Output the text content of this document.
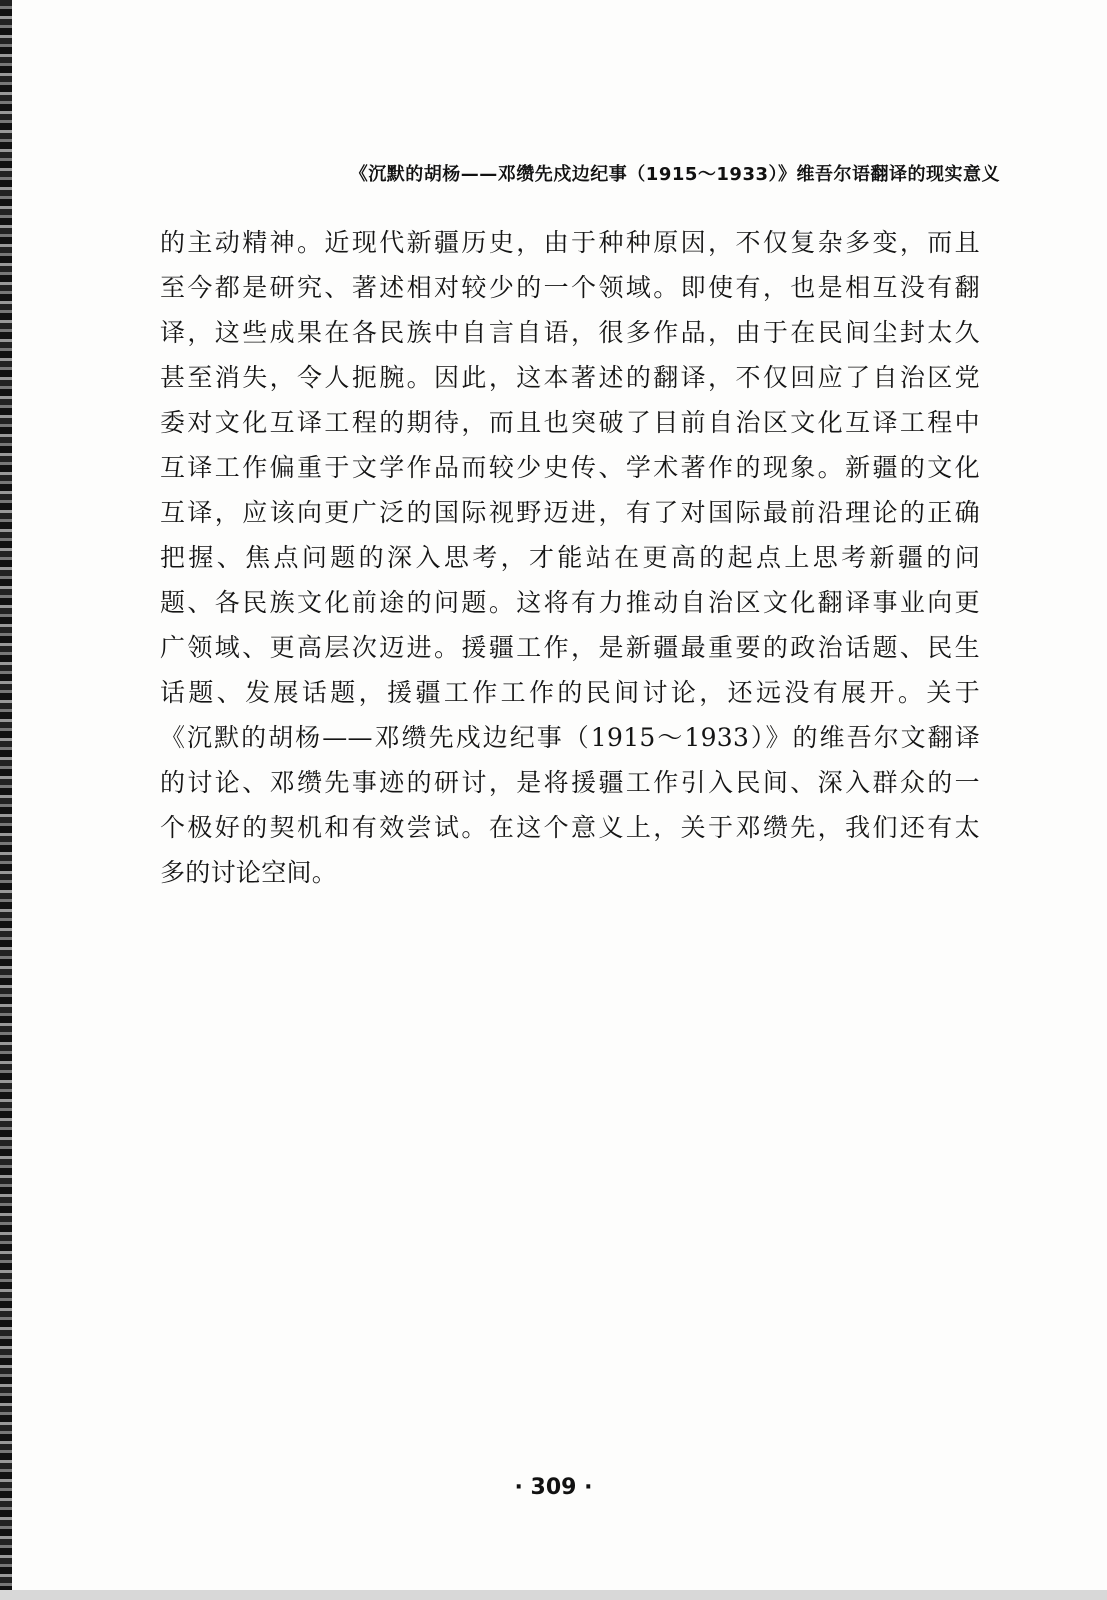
《沉默的胡杨——邓缵先戍边纪事（1915～1933）》维吾尔语翻译的现实意义
的主动精神。近现代新疆历史，由于种种原因，不仅复杂多变，而且
至今都是研究、著述相对较少的一个领域。即使有，也是相互没有翻
译，这些成果在各民族中自言自语，很多作品，由于在民间尘封太久
甚至消失，令人扼腕。因此，这本著述的翻译，不仅回应了自治区党
委对文化互译工程的期待，而且也突破了目前自治区文化互译工程中
互译工作偏重于文学作品而较少史传、学术著作的现象。新疆的文化
互译，应该向更广泛的国际视野迈进，有了对国际最前沿理论的正确
把握、焦点问题的深入思考，才能站在更高的起点上思考新疆的问
题、各民族文化前途的问题。这将有力推动自治区文化翻译事业向更
广领域、更高层次迈进。援疆工作，是新疆最重要的政治话题、民生
话题、发展话题，援疆工作工作的民间讨论，还远没有展开。关于
《沉默的胡杨——邓缵先戍边纪事（1915～1933）》的维吾尔文翻译
的讨论、邓缵先事迹的研讨，是将援疆工作引入民间、深入群众的一
个极好的契机和有效尝试。在这个意义上，关于邓缵先，我们还有太
多的讨论空间。
· 309 ·
